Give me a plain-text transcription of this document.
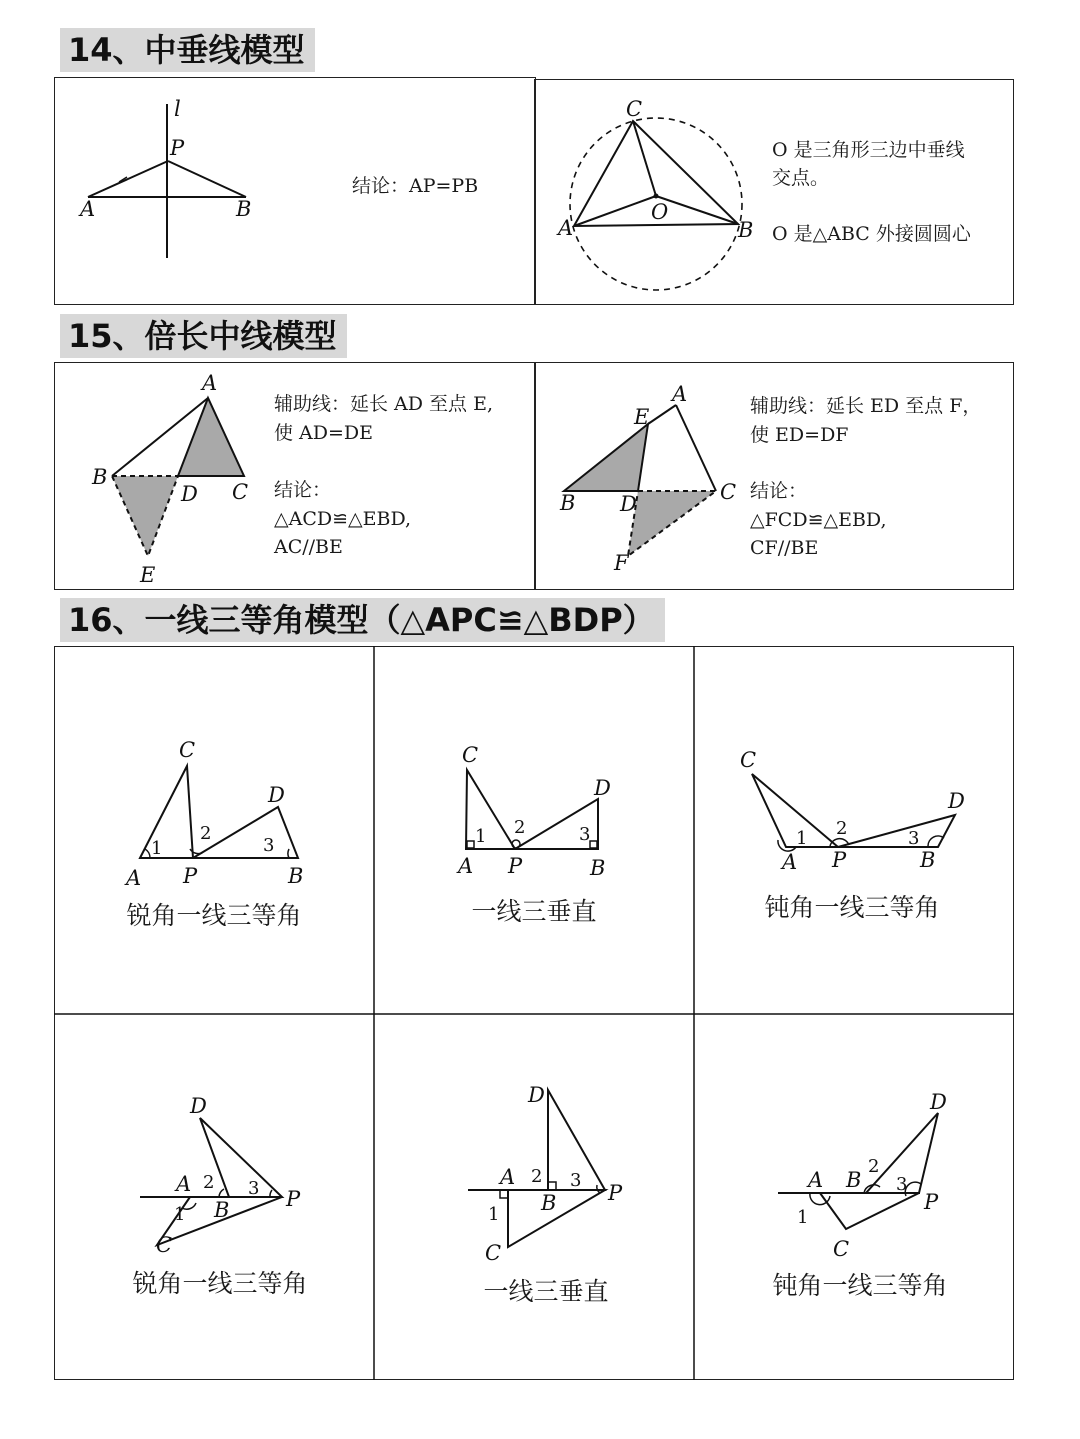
14、中垂线模型
15、倍长中线模型
16、一线三等角模型（△APC≌△BDP）

结论：AP=PB

O 是三角形三边中垂线

交点。

O 是△ABC 外接圆圆心

辅助线：延长 AD 至点 E,

使 AD=DE

结论：

△ACD≌△EBD,

AC//BE

辅助线：延长 ED 至点 F，

使 ED=DF

结论：

△FCD≌△EBD,

CF//BE

锐角一线三等角	一线三垂直	钝角一线三等角

锐角一线三等角	一线三垂直	钝角一线三等角

l
P
A	B
C
A	B
O
A
B
D C
E
A
E
B D	C
F
C
D
1
2
3
A P	B
C
D
1 2	3
A P	B
C
D
1 2	3
A P	B
D
A 2 3 P
1 B
C
D
A 2 3
P
B
1
C
D
A B
2
3
P
1
C
